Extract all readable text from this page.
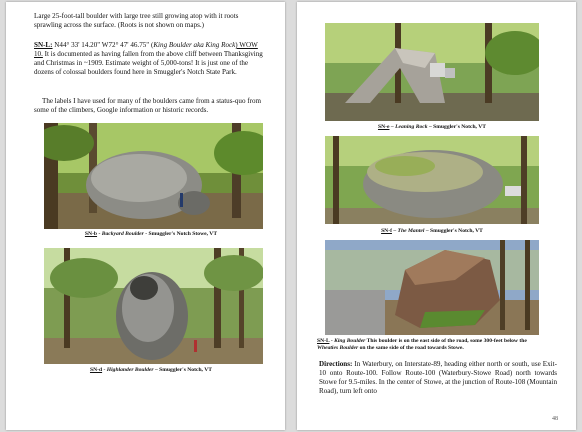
Large 25-foot-tall boulder with large tree still growing atop with it roots sprawling across the surface. (Roots is not shown on maps.)

SN-L: N44° 33' 14.20" W72° 47' 46.75" (King Boulder aka King Rock) WOW 10. It is documented as having fallen from the above cliff between Thanksgiving and Christmas in ~1909. Estimate weight of 5,000-tons! It is just one of the dozens of colossal boulders found here in Smuggler's Notch State Park.

The labels I have used for many of the boulders came from a status-quo from some of the climbers, Google information or historic records.

SN-b - Backyard Boulder - Smuggler's Notch Stowe, VT
SN-d - Highlander Boulder – Smuggler's Notch, VT
SN-e – Leaning Rock – Smuggler's Notch, VT
SN-f – The Mantel – Smuggler's Notch, VT
SN-L - King Boulder This boulder is on the east side of the road, some 300-feet below the Wheaties Boulder on the same side of the road towards Stowe.

Directions: In Waterbury, on Interstate-89, heading either north or south, use Exit-10 onto Route-100. Follow Route-100 (Waterbury-Stowe Road) north towards Stowe for 9.5-miles. In the center of Stowe, at the junction of Route-108 (Mountain Road), turn left onto

48
